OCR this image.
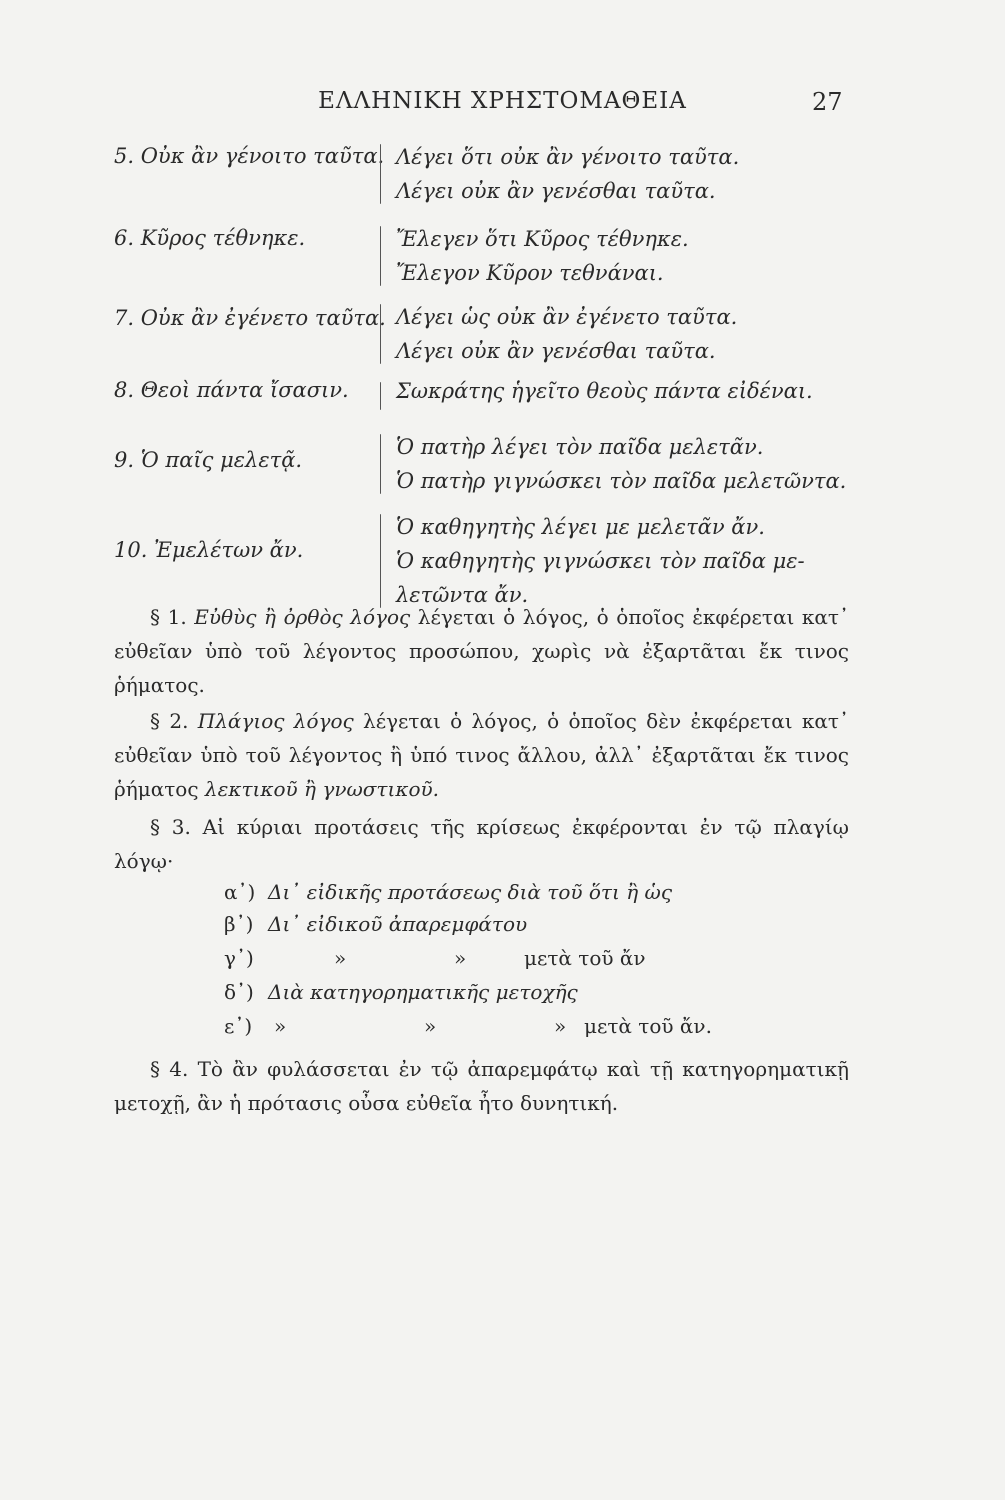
ΕΛΛΗΝΙΚΗ ΧΡΗΣΤΟΜΑΘΕΙΑ	27
5. Οὐκ ἂν γένοιτο ταῦτα. Λέγει ὅτι οὐκ ἂν γένοιτο ταῦτα.
Λέγει οὐκ ἂν γενέσθαι ταῦτα.
6. Κῦρος τέθνηκε.	Ἔλεγεν ὅτι Κῦρος τέθνηκε.
Ἔλεγον Κῦρον τεθνάναι.
7. Οὐκ ἂν ἐγένετο ταῦτα. Λέγει ὡς οὐκ ἂν ἐγένετο ταῦτα.
Λέγει οὐκ ἂν γενέσθαι ταῦτα.
8. Θεοὶ πάντα ἴσασιν. Σωκράτης ἡγεῖτο θεοὺς πάντα εἰδέναι.
9. Ὁ παῖς μελετᾷ.
Ὁ πατὴρ λέγει τὸν παῖδα μελετᾶν.
Ὁ πατὴρ γιγνώσκει τὸν παῖδα μελετῶντα.
10. Ἐμελέτων ἄν.
Ὁ καθηγητὴς λέγει με μελετᾶν ἄν.
Ὁ καθηγητὴς γιγνώσκει τὸν παῖδα με-
λετῶντα ἄν.
§ 1. Εὐθὺς ἢ ὀρθὸς λόγος λέγεται ὁ λόγος, ὁ ὁποῖος ἐκφέρεται κατ᾽ εὐθεῖαν ὑπὸ τοῦ λέγοντος προσώπου, χωρὶς νὰ ἐξαρτᾶται ἔκ τινος ῥήματος.
§ 2. Πλάγιος λόγος λέγεται ὁ λόγος, ὁ ὁποῖος δὲν ἐκφέρεται κατ᾽ εὐθεῖαν ὑπὸ τοῦ λέγοντος ἢ ὑπό τινος ἄλλου, ἀλλ᾽ ἐξαρτᾶται ἔκ τινος ῥήματος λεκτικοῦ ἢ γνωστικοῦ.
§ 3. Αἱ κύριαι προτάσεις τῆς κρίσεως ἐκφέρονται ἐν τῷ πλαγίῳ λόγῳ·
α᾽) Δι᾽ εἰδικῆς προτάσεως διὰ τοῦ ὅτι ἢ ὡς
β᾽) Δι᾽ εἰδικοῦ ἀπαρεμφάτου
γ᾽)	»	»	μετὰ τοῦ ἄν
δ᾽) Διὰ κατηγορηματικῆς μετοχῆς
ε᾽) »	»	» μετὰ τοῦ ἄν.
§ 4. Τὸ ἂν φυλάσσεται ἐν τῷ ἀπαρεμφάτῳ καὶ τῇ κατηγορηματικῇ μετοχῇ, ἂν ἡ πρότασις οὖσα εὐθεῖα ἦτο δυνητική.
